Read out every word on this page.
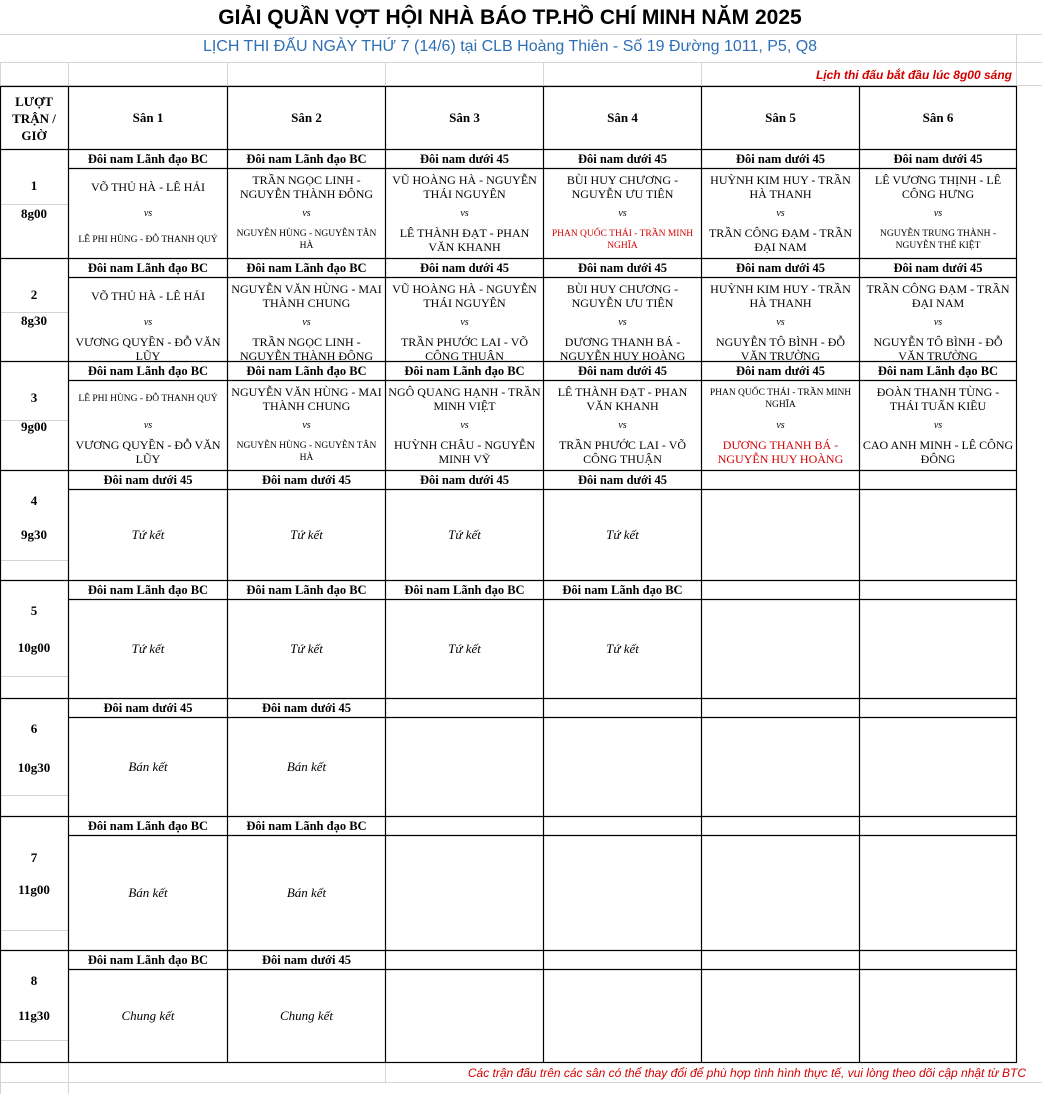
GIẢI QUẦN VỢT HỘI NHÀ BÁO TP.HỒ CHÍ MINH NĂM 2025
LỊCH THI ĐẤU NGÀY THỨ 7 (14/6) tại CLB Hoàng Thiên - Số 19 Đường 1011, P5, Q8
Lịch thi đấu bắt đầu lúc 8g00 sáng
LƯỢT
TRẬN /
GIỜ
Sân 1	Sân 2	Sân 3	Sân 4	Sân 5	Sân 6
1
8g00
Đôi nam Lãnh đạo BC	Đôi nam Lãnh đạo BC	Đôi nam dưới 45	Đôi nam dưới 45	Đôi nam dưới 45	Đôi nam dưới 45
VÕ THỦ HÀ - LÊ HẢI
vs
LÊ PHI HÙNG - ĐỖ THANH QUÝ
TRẦN NGỌC LINH - NGUYỄN THÀNH ĐÔNG
vs
NGUYỄN HÙNG - NGUYỄN TÂN HÀ
VŨ HOÀNG HÀ - NGUYỄN THÁI NGUYÊN
vs
LÊ THÀNH ĐẠT - PHAN VĂN KHANH
BÙI HUY CHƯƠNG - NGUYỄN ƯU TIÊN
vs
PHAN QUỐC THÁI - TRẦN MINH NGHĨA
HUỲNH KIM HUY - TRẦN HÀ THANH
vs
TRẦN CÔNG ĐẠM - TRẦN ĐẠI NAM
LÊ VƯƠNG THỊNH - LÊ CÔNG HƯNG
vs
NGUYỄN TRUNG THÀNH - NGUYỄN THẾ KIỆT
2
8g30
Đôi nam Lãnh đạo BC	Đôi nam Lãnh đạo BC	Đôi nam dưới 45	Đôi nam dưới 45	Đôi nam dưới 45	Đôi nam dưới 45
VÕ THỦ HÀ - LÊ HẢI
vs
VƯƠNG QUYỀN - ĐỖ VĂN LŨY
NGUYỄN VĂN HÙNG - MAI THÀNH CHUNG
vs
TRẦN NGỌC LINH - NGUYỄN THÀNH ĐÔNG
VŨ HOÀNG HÀ - NGUYỄN THÁI NGUYÊN
vs
TRẦN PHƯỚC LAI - VÕ CÔNG THUẬN
BÙI HUY CHƯƠNG - NGUYỄN ƯU TIÊN
vs
DƯƠNG THANH BÁ - NGUYỄN HUY HOÀNG
HUỲNH KIM HUY - TRẦN HÀ THANH
vs
NGUYỄN TÔ BÌNH - ĐỖ VĂN TRƯỜNG
TRẦN CÔNG ĐẠM - TRẦN ĐẠI NAM
vs
NGUYỄN TÔ BÌNH - ĐỖ VĂN TRƯỜNG
3
9g00
Đôi nam Lãnh đạo BC	Đôi nam Lãnh đạo BC	Đôi nam Lãnh đạo BC	Đôi nam dưới 45	Đôi nam dưới 45	Đôi nam Lãnh đạo BC
LÊ PHI HÙNG - ĐỖ THANH QUÝ
vs
VƯƠNG QUYỀN - ĐỖ VĂN LŨY
NGUYỄN VĂN HÙNG - MAI THÀNH CHUNG
vs
NGUYỄN HÙNG - NGUYỄN TÂN HÀ
NGÔ QUANG HẠNH - TRẦN MINH VIỆT
vs
HUỲNH CHÂU - NGUYỄN MINH VỸ
LÊ THÀNH ĐẠT - PHAN VĂN KHANH
vs
TRẦN PHƯỚC LAI - VÕ CÔNG THUẬN
PHAN QUỐC THÁI - TRẦN MINH NGHĨA
vs
DƯƠNG THANH BÁ - NGUYỄN HUY HOÀNG
ĐOÀN THANH TÙNG - THÁI TUẤN KIỀU
vs
CAO ANH MINH - LÊ CÔNG ĐÔNG
4
9g30
Đôi nam dưới 45	Đôi nam dưới 45	Đôi nam dưới 45	Đôi nam dưới 45
Tứ kết	Tứ kết	Tứ kết	Tứ kết
5
10g00
Đôi nam Lãnh đạo BC	Đôi nam Lãnh đạo BC	Đôi nam Lãnh đạo BC	Đôi nam Lãnh đạo BC
Tứ kết	Tứ kết	Tứ kết	Tứ kết
6
10g30
Đôi nam dưới 45	Đôi nam dưới 45
Bán kết	Bán kết
7
11g00
Đôi nam Lãnh đạo BC	Đôi nam Lãnh đạo BC
Bán kết	Bán kết
8
11g30
Đôi nam Lãnh đạo BC	Đôi nam dưới 45
Chung kết	Chung kết
Các trận đấu trên các sân có thể thay đổi để phù hợp tình hình thực tế, vui lòng theo dõi cập nhật từ BTC
